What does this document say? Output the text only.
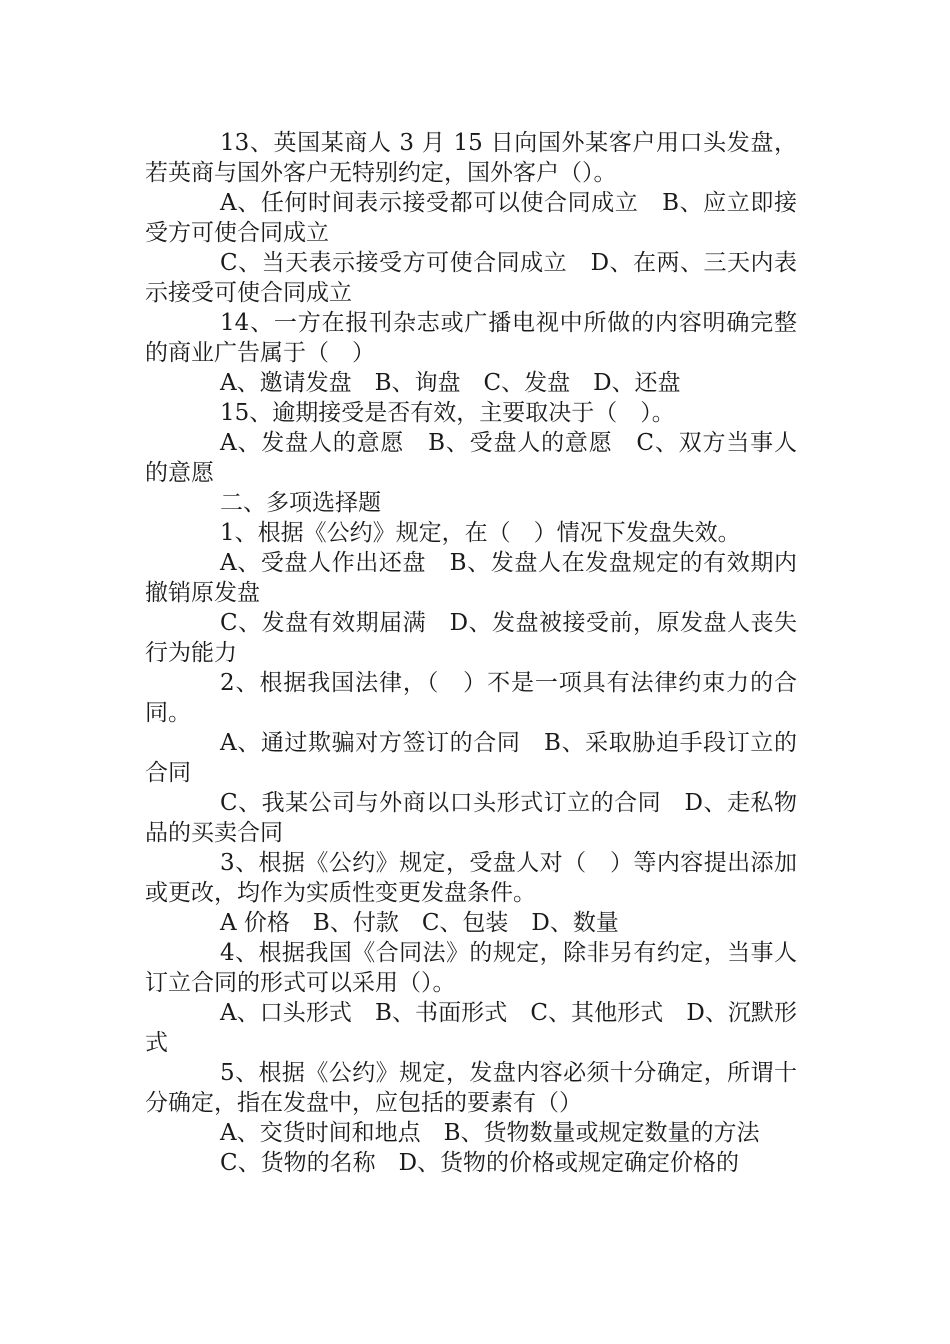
13、英国某商人 3 月 15 日向国外某客户用口头发盘，若英商与国外客户无特别约定，国外客户（）。

A、任何时间表示接受都可以使合同成立　B、应立即接受方可使合同成立

C、当天表示接受方可使合同成立　D、在两、三天内表示接受可使合同成立

14、一方在报刊杂志或广播电视中所做的内容明确完整的商业广告属于（　）

A、邀请发盘　B、询盘　C、发盘　D、还盘

15、逾期接受是否有效，主要取决于（　）。

A、发盘人的意愿　B、受盘人的意愿　C、双方当事人的意愿

二、多项选择题

1、根据《公约》规定，在（　）情况下发盘失效。

A、受盘人作出还盘　B、发盘人在发盘规定的有效期内撤销原发盘

C、发盘有效期届满　D、发盘被接受前，原发盘人丧失行为能力

2、根据我国法律，（　）不是一项具有法律约束力的合同。

A、通过欺骗对方签订的合同　B、采取胁迫手段订立的合同

C、我某公司与外商以口头形式订立的合同　D、走私物品的买卖合同

3、根据《公约》规定，受盘人对（　）等内容提出添加或更改，均作为实质性变更发盘条件。

A 价格　B、付款　C、包装　D、数量

4、根据我国《合同法》的规定，除非另有约定，当事人订立合同的形式可以采用（）。

A、口头形式　B、书面形式　C、其他形式　D、沉默形式

5、根据《公约》规定，发盘内容必须十分确定，所谓十分确定，指在发盘中，应包括的要素有（）

A、交货时间和地点　B、货物数量或规定数量的方法

C、货物的名称　D、货物的价格或规定确定价格的
